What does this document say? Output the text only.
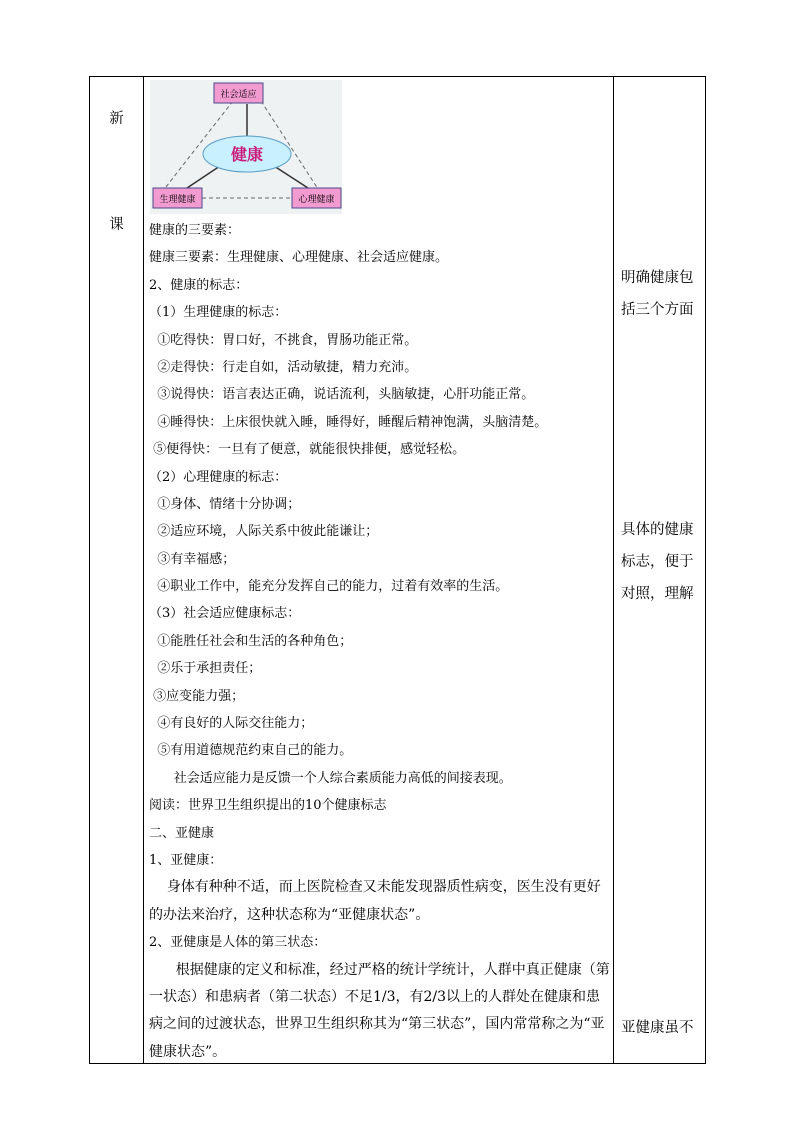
新
课
健康
社会适应
生理健康	心理健康
健康的三要素：
健康三要素：生理健康、心理健康、社会适应健康。
2、健康的标志：
（1）生理健康的标志：
①吃得快：胃口好，不挑食，胃肠功能正常。
②走得快：行走自如，活动敏捷，精力充沛。
③说得快：语言表达正确，说话流利，头脑敏捷，心肝功能正常。
④睡得快：上床很快就入睡，睡得好，睡醒后精神饱满，头脑清楚。
⑤便得快：一旦有了便意，就能很快排便，感觉轻松。
（2）心理健康的标志：
①身体、情绪十分协调；
②适应环境，人际关系中彼此能谦让；
③有幸福感；
④职业工作中，能充分发挥自己的能力，过着有效率的生活。
（3）社会适应健康标志：
①能胜任社会和生活的各种角色；
②乐于承担责任；
③应变能力强；
④有良好的人际交往能力；
⑤有用道德规范约束自己的能力。
社会适应能力是反馈一个人综合素质能力高低的间接表现。
阅读：世界卫生组织提出的10个健康标志
二、亚健康
1、亚健康：
身体有种种不适，而上医院检查又未能发现器质性病变，医生没有更好的办法来治疗，这种状态称为“亚健康状态”。
2、亚健康是人体的第三状态：
根据健康的定义和标准，经过严格的统计学统计，人群中真正健康（第一状态）和患病者（第二状态）不足1/3，有2/3以上的人群处在健康和患病之间的过渡状态，世界卫生组织称其为“第三状态”，国内常常称之为“亚健康状态”。
明确健康包括三个方面
具体的健康标志，便于对照，理解
亚健康虽不
